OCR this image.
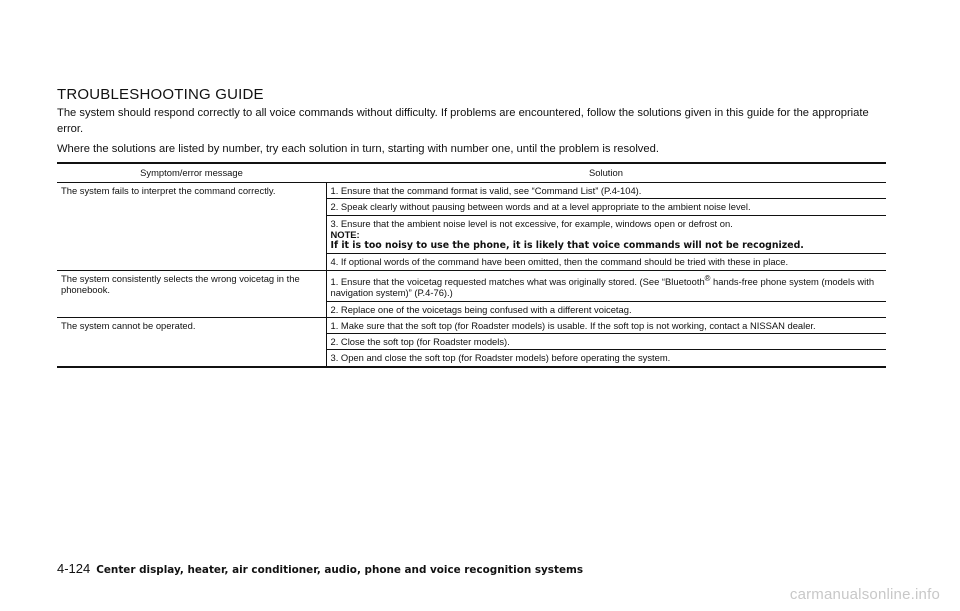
TROUBLESHOOTING GUIDE

The system should respond correctly to all voice commands without difficulty. If problems are encountered, follow the solutions given in this guide for the appropriate error.

Where the solutions are listed by number, try each solution in turn, starting with number one, until the problem is resolved.

Symptom/error message	Solution
The system fails to interpret the command correctly.	1. Ensure that the command format is valid, see “Command List” (P.4-104).
	2. Speak clearly without pausing between words and at a level appropriate to the ambient noise level.

	3. Ensure that the ambient noise level is not excessive, for example, windows open or defrost on.
NOTE:
If it is too noisy to use the phone, it is likely that voice commands will not be recognized.

	4. If optional words of the command have been omitted, then the command should be tried with these in place.
The system consistently selects the wrong voicetag in the phonebook.	1. Ensure that the voicetag requested matches what was originally stored. (See “Bluetooth® hands-free phone system (models with navigation system)” (P.4-76).)
	2. Replace one of the voicetags being confused with a different voicetag.
The system cannot be operated.	1. Make sure that the soft top (for Roadster models) is usable. If the soft top is not working, contact a NISSAN dealer.
	2. Close the soft top (for Roadster models).
	3. Open and close the soft top (for Roadster models) before operating the system.
4-124 Center display, heater, air conditioner, audio, phone and voice recognition systems
carmanualsonline.info
